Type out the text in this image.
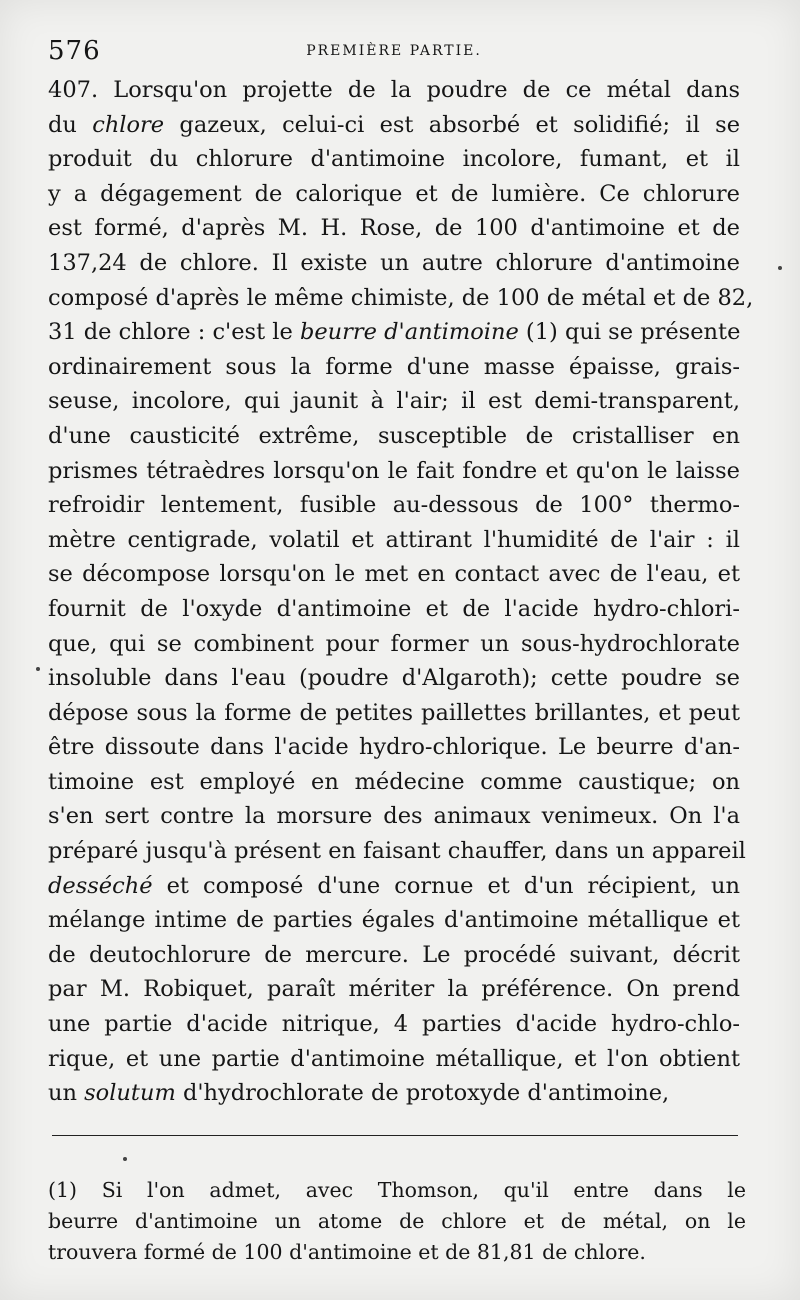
576	PREMIÈRE PARTIE.
407. Lorsqu'on projette de la poudre de ce métal dans
du chlore gazeux, celui-ci est absorbé et solidifié; il se
produit du chlorure d'antimoine incolore, fumant, et il
y a dégagement de calorique et de lumière. Ce chlorure
est formé, d'après M. H. Rose, de 100 d'antimoine et de
137,24 de chlore. Il existe un autre chlorure d'antimoine
composé d'après le même chimiste, de 100 de métal et de 82,
31 de chlore : c'est le beurre d'antimoine (1) qui se présente
ordinairement sous la forme d'une masse épaisse, grais-
seuse, incolore, qui jaunit à l'air; il est demi-transparent,
d'une causticité extrême, susceptible de cristalliser en
prismes tétraèdres lorsqu'on le fait fondre et qu'on le laisse
refroidir lentement, fusible au-dessous de 100° thermo-
mètre centigrade, volatil et attirant l'humidité de l'air : il
se décompose lorsqu'on le met en contact avec de l'eau, et
fournit de l'oxyde d'antimoine et de l'acide hydro-chlori-
que, qui se combinent pour former un sous-hydrochlorate
insoluble dans l'eau (poudre d'Algaroth); cette poudre se
dépose sous la forme de petites paillettes brillantes, et peut
être dissoute dans l'acide hydro-chlorique. Le beurre d'an-
timoine est employé en médecine comme caustique; on
s'en sert contre la morsure des animaux venimeux. On l'a
préparé jusqu'à présent en faisant chauffer, dans un appareil
desséché et composé d'une cornue et d'un récipient, un
mélange intime de parties égales d'antimoine métallique et
de deutochlorure de mercure. Le procédé suivant, décrit
par M. Robiquet, paraît mériter la préférence. On prend
une partie d'acide nitrique, 4 parties d'acide hydro-chlo-
rique, et une partie d'antimoine métallique, et l'on obtient
un solutum d'hydrochlorate de protoxyde d'antimoine,
(1) Si l'on admet, avec Thomson, qu'il entre dans le
beurre d'antimoine un atome de chlore et de métal, on le
trouvera formé de 100 d'antimoine et de 81,81 de chlore.
